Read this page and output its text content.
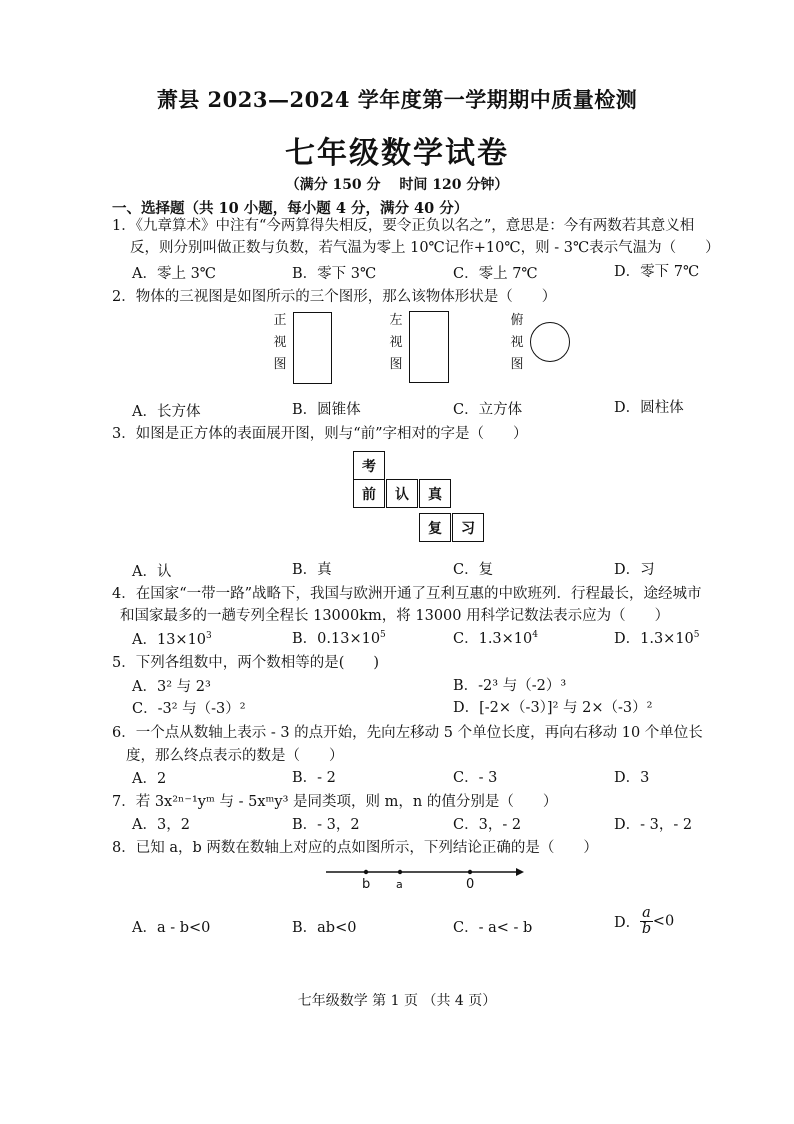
萧县 2023—2024 学年度第一学期期中质量检测
七年级数学试卷
（满分 150 分　 时间 120 分钟）
一、选择题（共 10 小题，每小题 4 分，满分 40 分）
1．《九章算术》中注有“今两算得失相反，要令正负以名之”，意思是：今有两数若其意义相
反，则分别叫做正数与负数，若气温为零上 10℃记作+10℃，则 - 3℃表示气温为（　　）
A．零上 3℃	B．零下 3℃	C．零上 7℃	D．零下 7℃
2．物体的三视图是如图所示的三个图形，那么该物体形状是（　　）
正
视
图
左
视
图
俯
视
图
A．长方体	B．圆锥体	C．立方体	D．圆柱体
3．如图是正方体的表面展开图，则与“前”字相对的字是（　　）
考
前	认	真
复	习
A．认	B．真	C．复	D．习
4．在国家“一带一路”战略下，我国与欧洲开通了互利互惠的中欧班列．行程最长，途经城市
和国家最多的一趟专列全程长 13000km，将 13000 用科学记数法表示应为（　　）
A．$13\times 10^3$	B．$0.13\times 10^5$	C．$1.3\times 10^4$	D．$1.3\times 10^5$
5．下列各组数中，两个数相等的是(　　)
A．3² 与 2³	B．-2³ 与（-2）³
C．-3² 与（-3）²	D．[-2×（-3）]² 与 2×（-3）²
6．一个点从数轴上表示 - 3 的点开始，先向左移动 5 个单位长度，再向右移动 10 个单位长
度，那么终点表示的数是（　　）
A．2	B．- 2	C．- 3	D．3
7．若 3x²ⁿ⁻¹yᵐ 与 - 5xᵐy³ 是同类项，则 m，n 的值分别是（　　）
A．3，2	B．- 3，2	C．3，- 2	D．- 3，- 2
8．已知 a，b 两数在数轴上对应的点如图所示，下列结论正确的是（　　）
b a	0
A．a - b<0	B．ab<0	C．- a< - b	D． $\frac{a}{b} <0$
七年级数学 第 1 页 （共 4 页）
